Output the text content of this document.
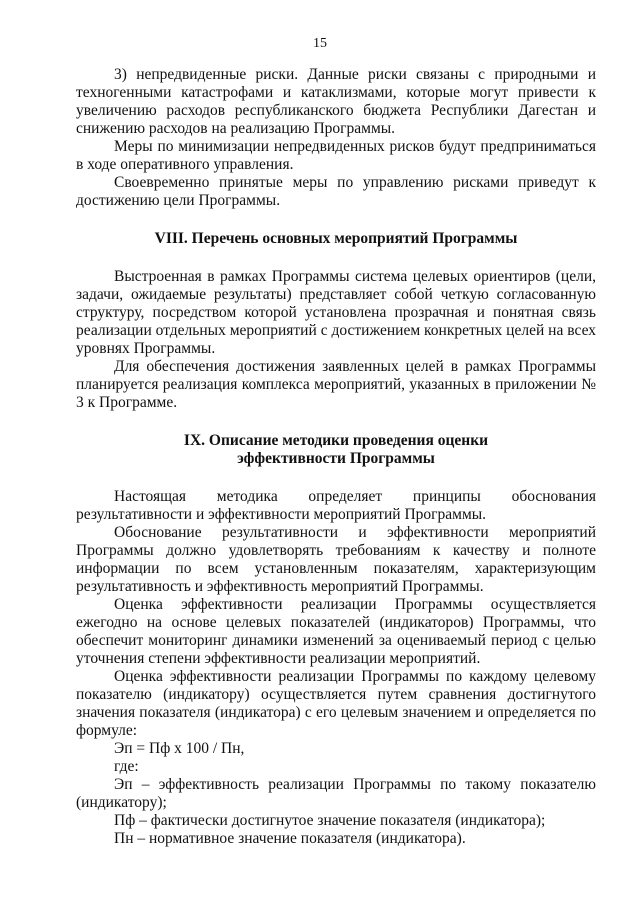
15

3) непредвиденные риски. Данные риски связаны с природными и техногенными катастрофами и катаклизмами, которые могут привести к увеличению расходов республиканского бюджета Республики Дагестан и снижению расходов на реализацию Программы.

Меры по минимизации непредвиденных рисков будут предприниматься в ходе оперативного управления.

Своевременно принятые меры по управлению рисками приведут к достижению цели Программы.

VIII. Перечень основных мероприятий Программы

Выстроенная в рамках Программы система целевых ориентиров (цели, задачи, ожидаемые результаты) представляет собой четкую согласованную структуру, посредством которой установлена прозрачная и понятная связь реализации отдельных мероприятий с достижением конкретных целей на всех уровнях Программы.

Для обеспечения достижения заявленных целей в рамках Программы планируется реализация комплекса мероприятий, указанных в приложении № 3 к Программе.

IX. Описание методики проведения оценки
эффективности Программы

Настоящая методика определяет принципы обоснования результативности и эффективности мероприятий Программы.

Обоснование результативности и эффективности мероприятий Программы должно удовлетворять требованиям к качеству и полноте информации по всем установленным показателям, характеризующим результативность и эффективность мероприятий Программы.

Оценка эффективности реализации Программы осуществляется ежегодно на основе целевых показателей (индикаторов) Программы, что обеспечит мониторинг динамики изменений за оцениваемый период с целью уточнения степени эффективности реализации мероприятий.

Оценка эффективности реализации Программы по каждому целевому показателю (индикатору) осуществляется путем сравнения достигнутого значения показателя (индикатора) с его целевым значением и определяется по формуле:

Эп = Пф х 100 / Пн,

где:

Эп – эффективность реализации Программы по такому показателю (индикатору);

Пф – фактически достигнутое значение показателя (индикатора);

Пн – нормативное значение показателя (индикатора).
